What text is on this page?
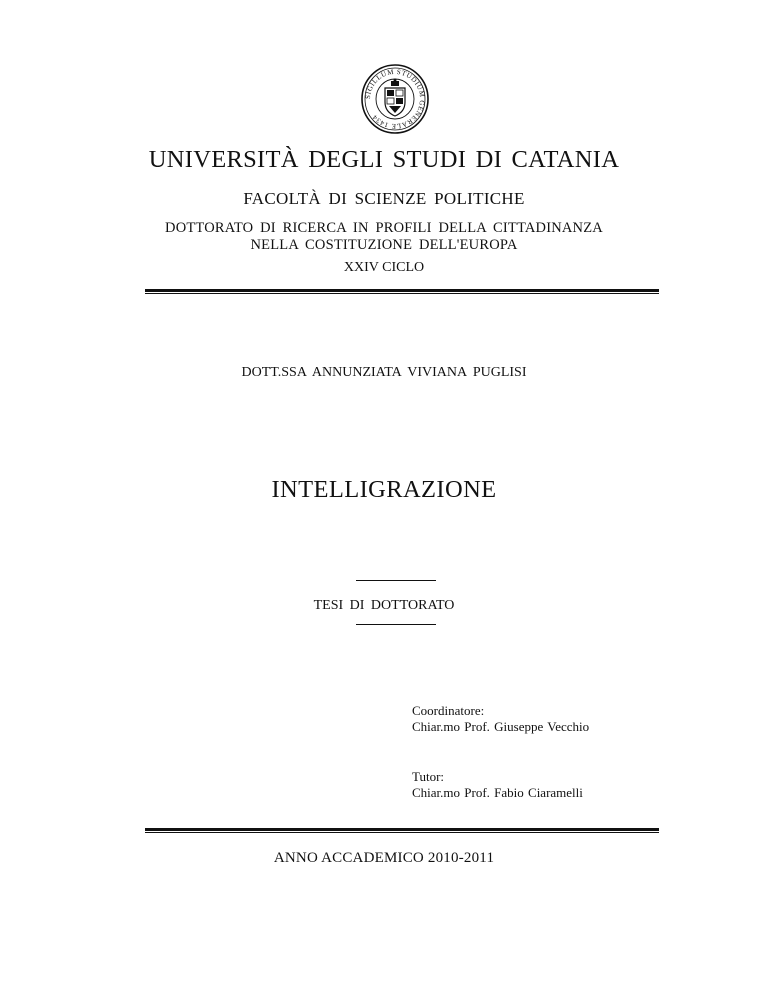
SIGILLUM STUDIUM GENERALE 1434
UNIVERSITÀ DEGLI STUDI DI CATANIA
FACOLTÀ DI SCIENZE POLITICHE
DOTTORATO DI RICERCA IN PROFILI DELLA CITTADINANZA
NELLA COSTITUZIONE DELL'EUROPA
XXIV CICLO
DOTT.SSA ANNUNZIATA VIVIANA PUGLISI
INTELLIGRAZIONE
TESI DI DOTTORATO
Coordinatore:
Chiar.mo Prof. Giuseppe Vecchio
Tutor:
Chiar.mo Prof. Fabio Ciaramelli
ANNO ACCADEMICO 2010-2011
